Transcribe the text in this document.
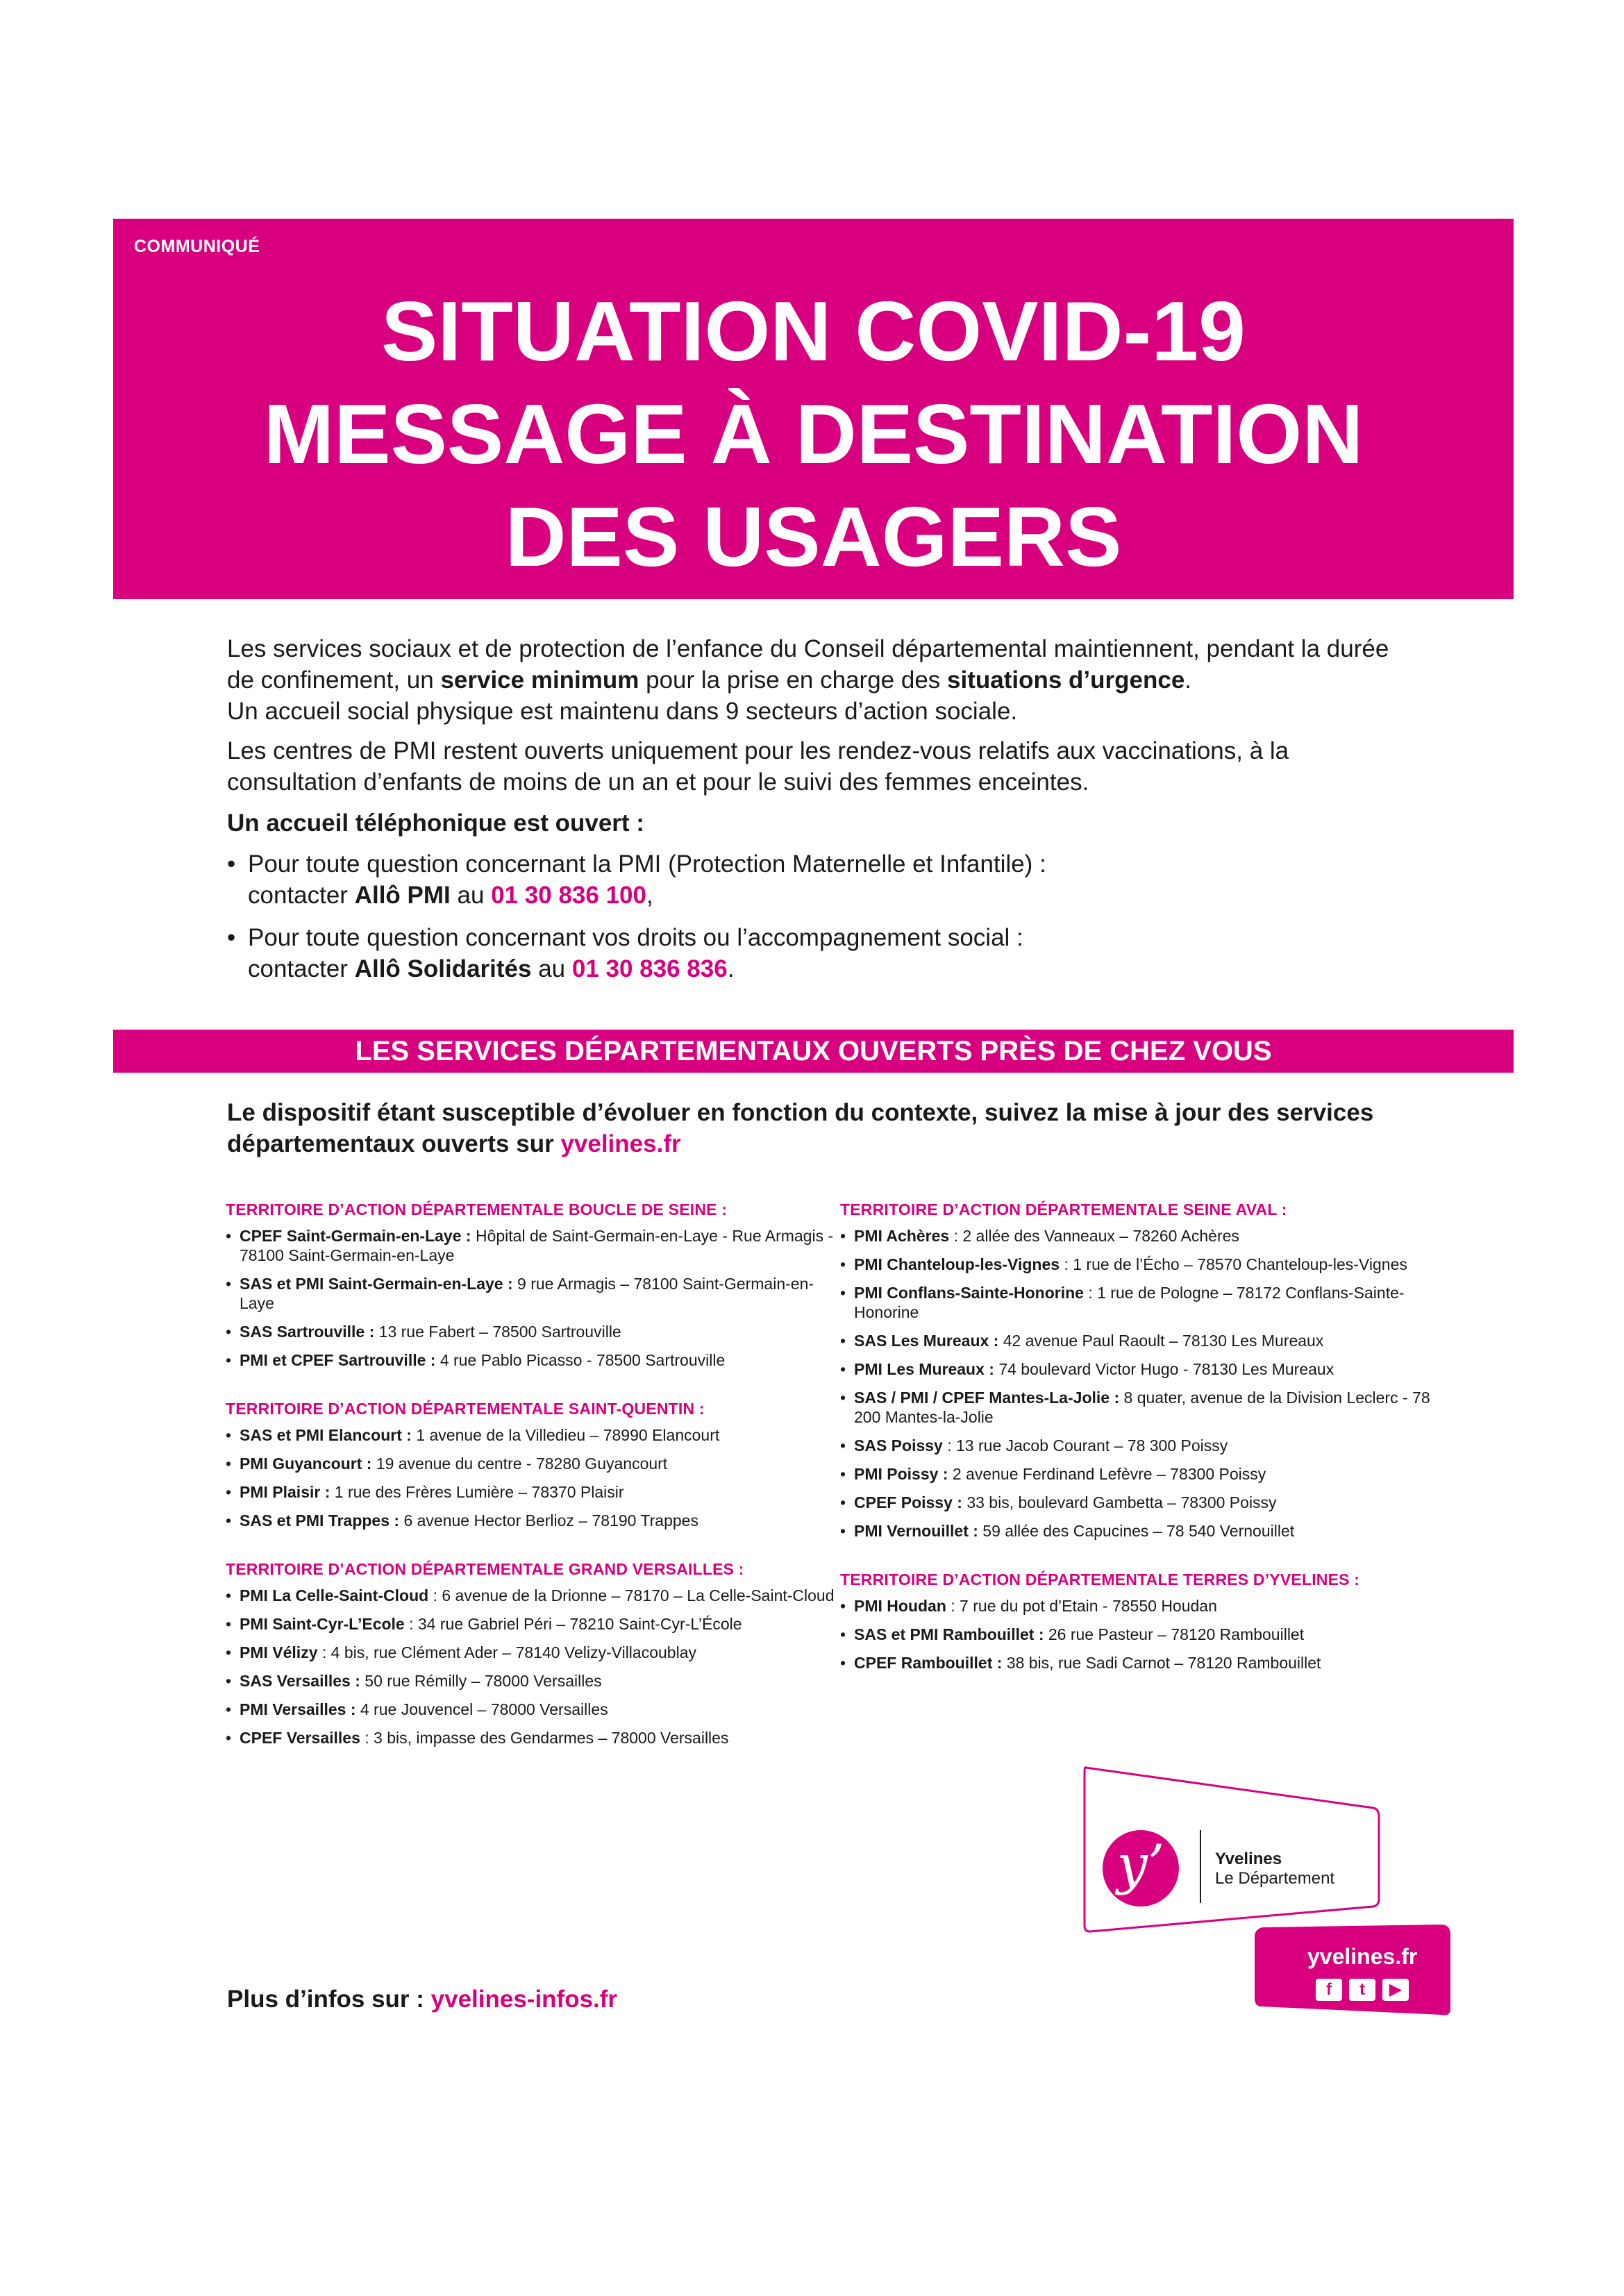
COMMUNIQUÉ
SITUATION COVID-19
MESSAGE À DESTINATION
DES USAGERS

Les services sociaux et de protection de l’enfance du Conseil départemental maintiennent, pendant la durée de confinement, un service minimum pour la prise en charge des situations d’urgence.
Un accueil social physique est maintenu dans 9 secteurs d’action sociale.

Les centres de PMI restent ouverts uniquement pour les rendez-vous relatifs aux vaccinations, à la consultation d’enfants de moins de un an et pour le suivi des femmes enceintes.

Un accueil téléphonique est ouvert :

• Pour toute question concernant la PMI (Protection Maternelle et Infantile) :
contacter Allô PMI au 01 30 836 100,
• Pour toute question concernant vos droits ou l’accompagnement social :
contacter Allô Solidarités au 01 30 836 836.
LES SERVICES DÉPARTEMENTAUX OUVERTS PRÈS DE CHEZ VOUS
Le dispositif étant susceptible d’évoluer en fonction du contexte, suivez la mise à jour des services départementaux ouverts sur yvelines.fr
TERRITOIRE D’ACTION DÉPARTEMENTALE BOUCLE DE SEINE :
• CPEF Saint-Germain-en-Laye : Hôpital de Saint-Germain-en-Laye - Rue Armagis - 78100 Saint-Germain-en-Laye
• SAS et PMI Saint-Germain-en-Laye : 9 rue Armagis – 78100 Saint-Germain-en-Laye
• SAS Sartrouville : 13 rue Fabert – 78500 Sartrouville
• PMI et CPEF Sartrouville : 4 rue Pablo Picasso - 78500 Sartrouville
TERRITOIRE D’ACTION DÉPARTEMENTALE SAINT-QUENTIN :
• SAS et PMI Elancourt : 1 avenue de la Villedieu – 78990 Elancourt
• PMI Guyancourt : 19 avenue du centre - 78280 Guyancourt
• PMI Plaisir : 1 rue des Frères Lumière – 78370 Plaisir
• SAS et PMI Trappes : 6 avenue Hector Berlioz – 78190 Trappes
TERRITOIRE D’ACTION DÉPARTEMENTALE GRAND VERSAILLES :
• PMI La Celle-Saint-Cloud : 6 avenue de la Drionne – 78170 – La Celle-Saint-Cloud
• PMI Saint-Cyr-L’Ecole : 34 rue Gabriel Péri – 78210 Saint-Cyr-L’École
• PMI Vélizy : 4 bis, rue Clément Ader – 78140 Velizy-Villacoublay
• SAS Versailles : 50 rue Rémilly – 78000 Versailles
• PMI Versailles : 4 rue Jouvencel – 78000 Versailles
• CPEF Versailles : 3 bis, impasse des Gendarmes – 78000 Versailles
TERRITOIRE D’ACTION DÉPARTEMENTALE SEINE AVAL :
• PMI Achères : 2 allée des Vanneaux – 78260 Achères
• PMI Chanteloup-les-Vignes : 1 rue de l’Écho – 78570 Chanteloup-les-Vignes
• PMI Conflans-Sainte-Honorine : 1 rue de Pologne – 78172 Conflans-Sainte-Honorine
• SAS Les Mureaux : 42 avenue Paul Raoult – 78130 Les Mureaux
• PMI Les Mureaux : 74 boulevard Victor Hugo - 78130 Les Mureaux
• SAS / PMI / CPEF Mantes-La-Jolie : 8 quater, avenue de la Division Leclerc - 78 200 Mantes-la-Jolie
• SAS Poissy : 13 rue Jacob Courant – 78 300 Poissy
• PMI Poissy : 2 avenue Ferdinand Lefèvre – 78300 Poissy
• CPEF Poissy : 33 bis, boulevard Gambetta – 78300 Poissy
• PMI Vernouillet : 59 allée des Capucines – 78 540 Vernouillet
TERRITOIRE D’ACTION DÉPARTEMENTALE TERRES D’YVELINES :
• PMI Houdan : 7 rue du pot d’Etain - 78550 Houdan
• SAS et PMI Rambouillet : 26 rue Pasteur – 78120 Rambouillet
• CPEF Rambouillet : 38 bis, rue Sadi Carnot – 78120 Rambouillet
y’	Yvelines
Le Département
yvelines.fr
f	t	▶
Plus d’infos sur : yvelines-infos.fr
